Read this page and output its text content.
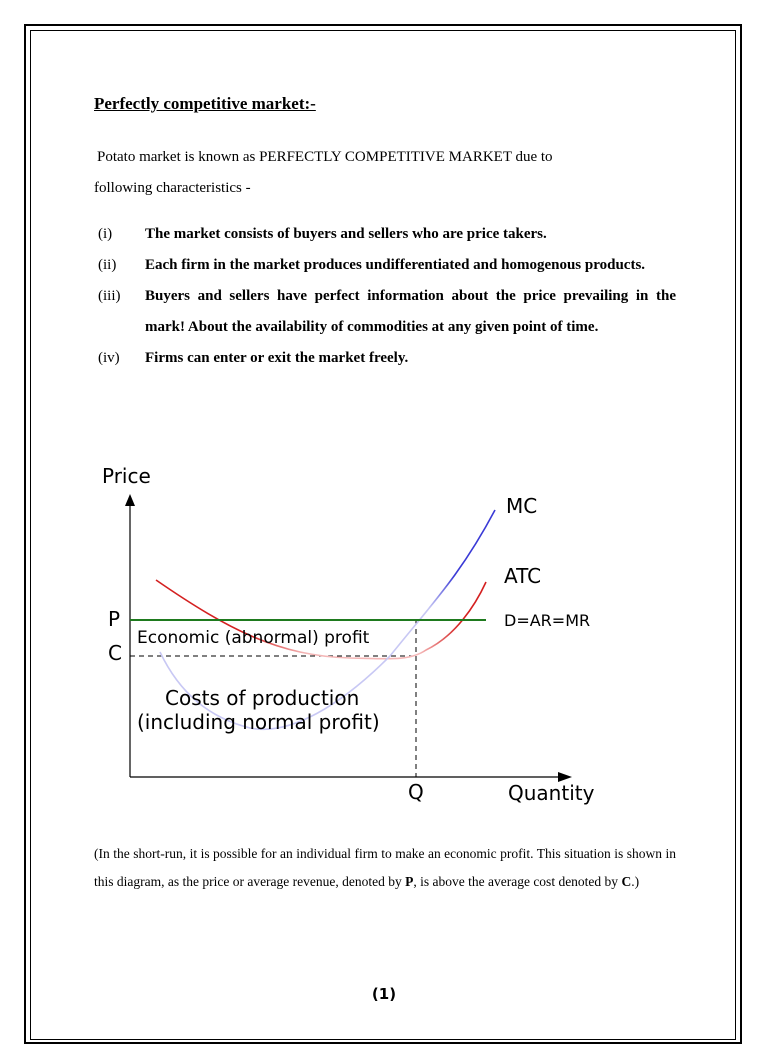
Perfectly competitive market:-
Potato market is known as PERFECTLY COMPETITIVE MARKET due to
following characteristics -
(i)	The market consists of buyers and sellers who are price takers.
(ii)	Each firm in the market produces undifferentiated and homogenous products.
(iii)	Buyers and sellers have perfect information about the price prevailing in the mark! About the availability of commodities at any given point of time.
(iv)	Firms can enter or exit the market freely.
Price
Quantity
P
C
Q
MC
ATC
D=AR=MR
Economic (abnormal) profit
Costs of production
(including normal profit)
(In the short-run, it is possible for an individual firm to make an economic profit. This situation is shown in this diagram, as the price or average revenue, denoted by P, is above the average cost denoted by C.)
(1)
